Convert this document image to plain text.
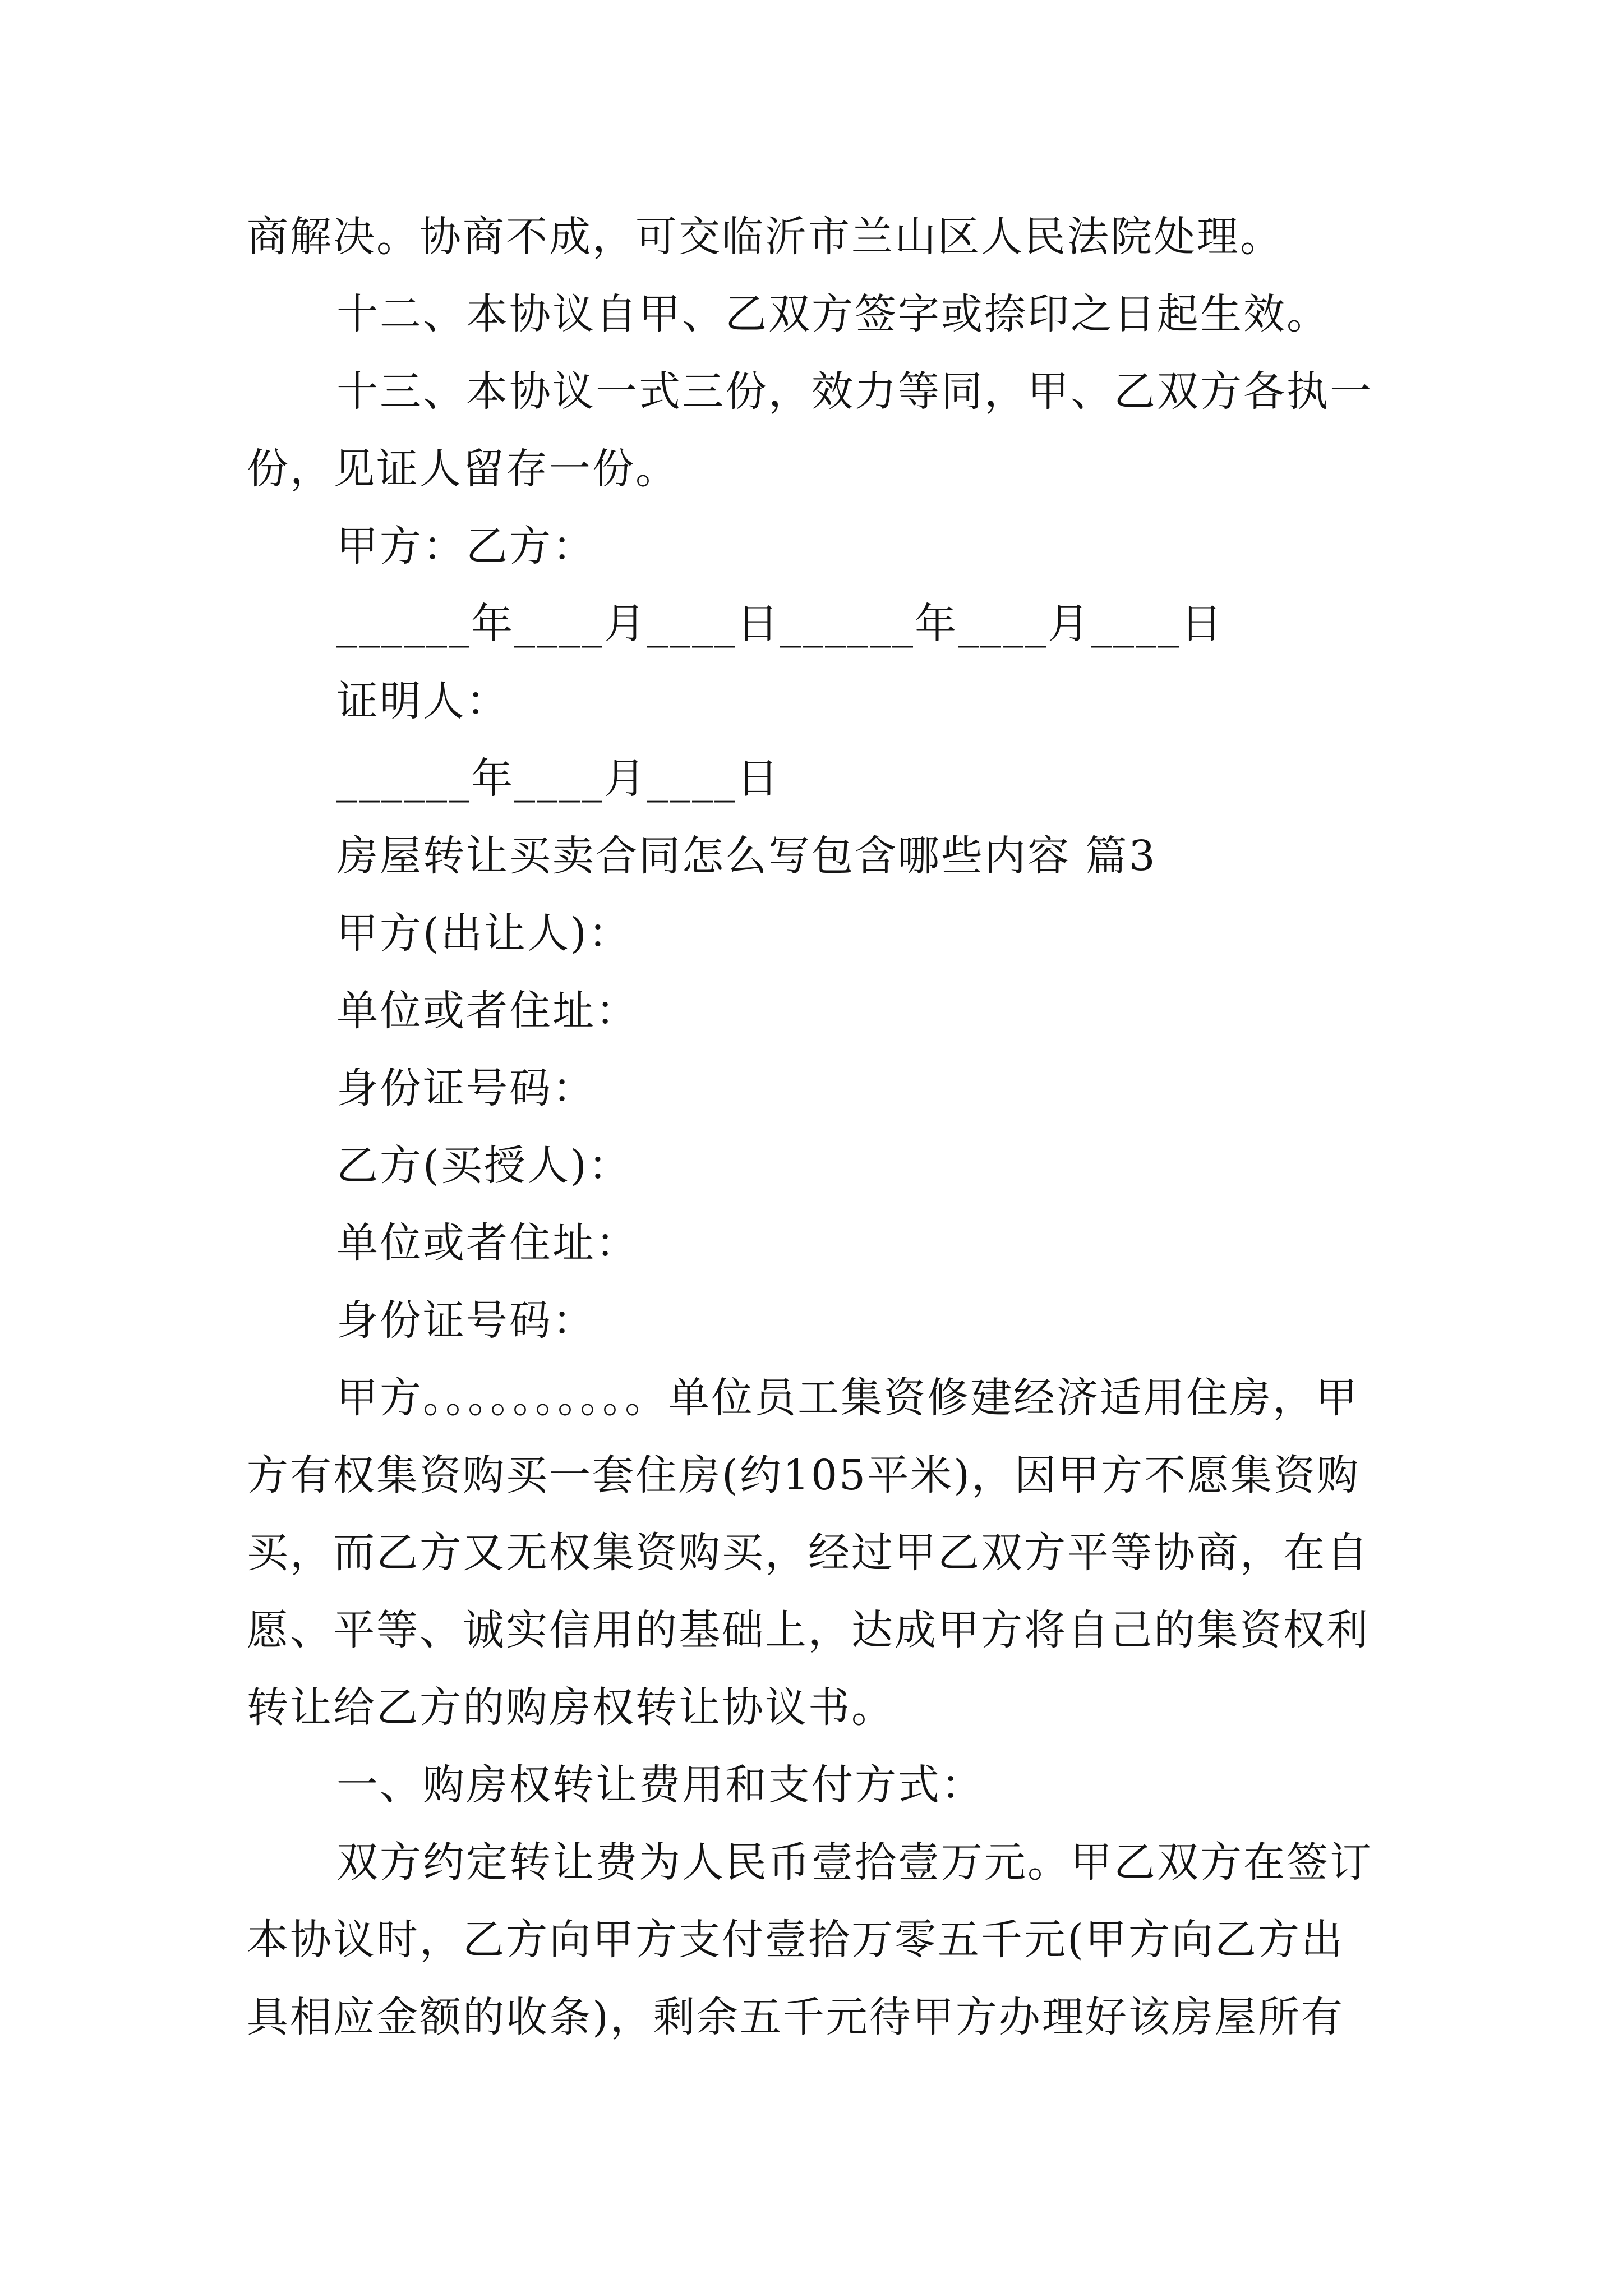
商解决。协商不成，可交临沂市兰山区人民法院处理。

十二、本协议自甲、乙双方签字或捺印之日起生效。

十三、本协议一式三份，效力等同，甲、乙双方各执一

份，见证人留存一份。

甲方：乙方：

______年____月____日______年____月____日

证明人：

______年____月____日

房屋转让买卖合同怎么写包含哪些内容 篇3

甲方(出让人)：

单位或者住址：

身份证号码：

乙方(买授人)：

单位或者住址：

身份证号码：

甲方。。。。。。。。。。单位员工集资修建经济适用住房，甲

方有权集资购买一套住房(约105平米)，因甲方不愿集资购

买，而乙方又无权集资购买，经过甲乙双方平等协商，在自

愿、平等、诚实信用的基础上，达成甲方将自己的集资权利

转让给乙方的购房权转让协议书。

一、购房权转让费用和支付方式：

双方约定转让费为人民币壹拾壹万元。甲乙双方在签订

本协议时，乙方向甲方支付壹拾万零五千元(甲方向乙方出

具相应金额的收条)，剩余五千元待甲方办理好该房屋所有
